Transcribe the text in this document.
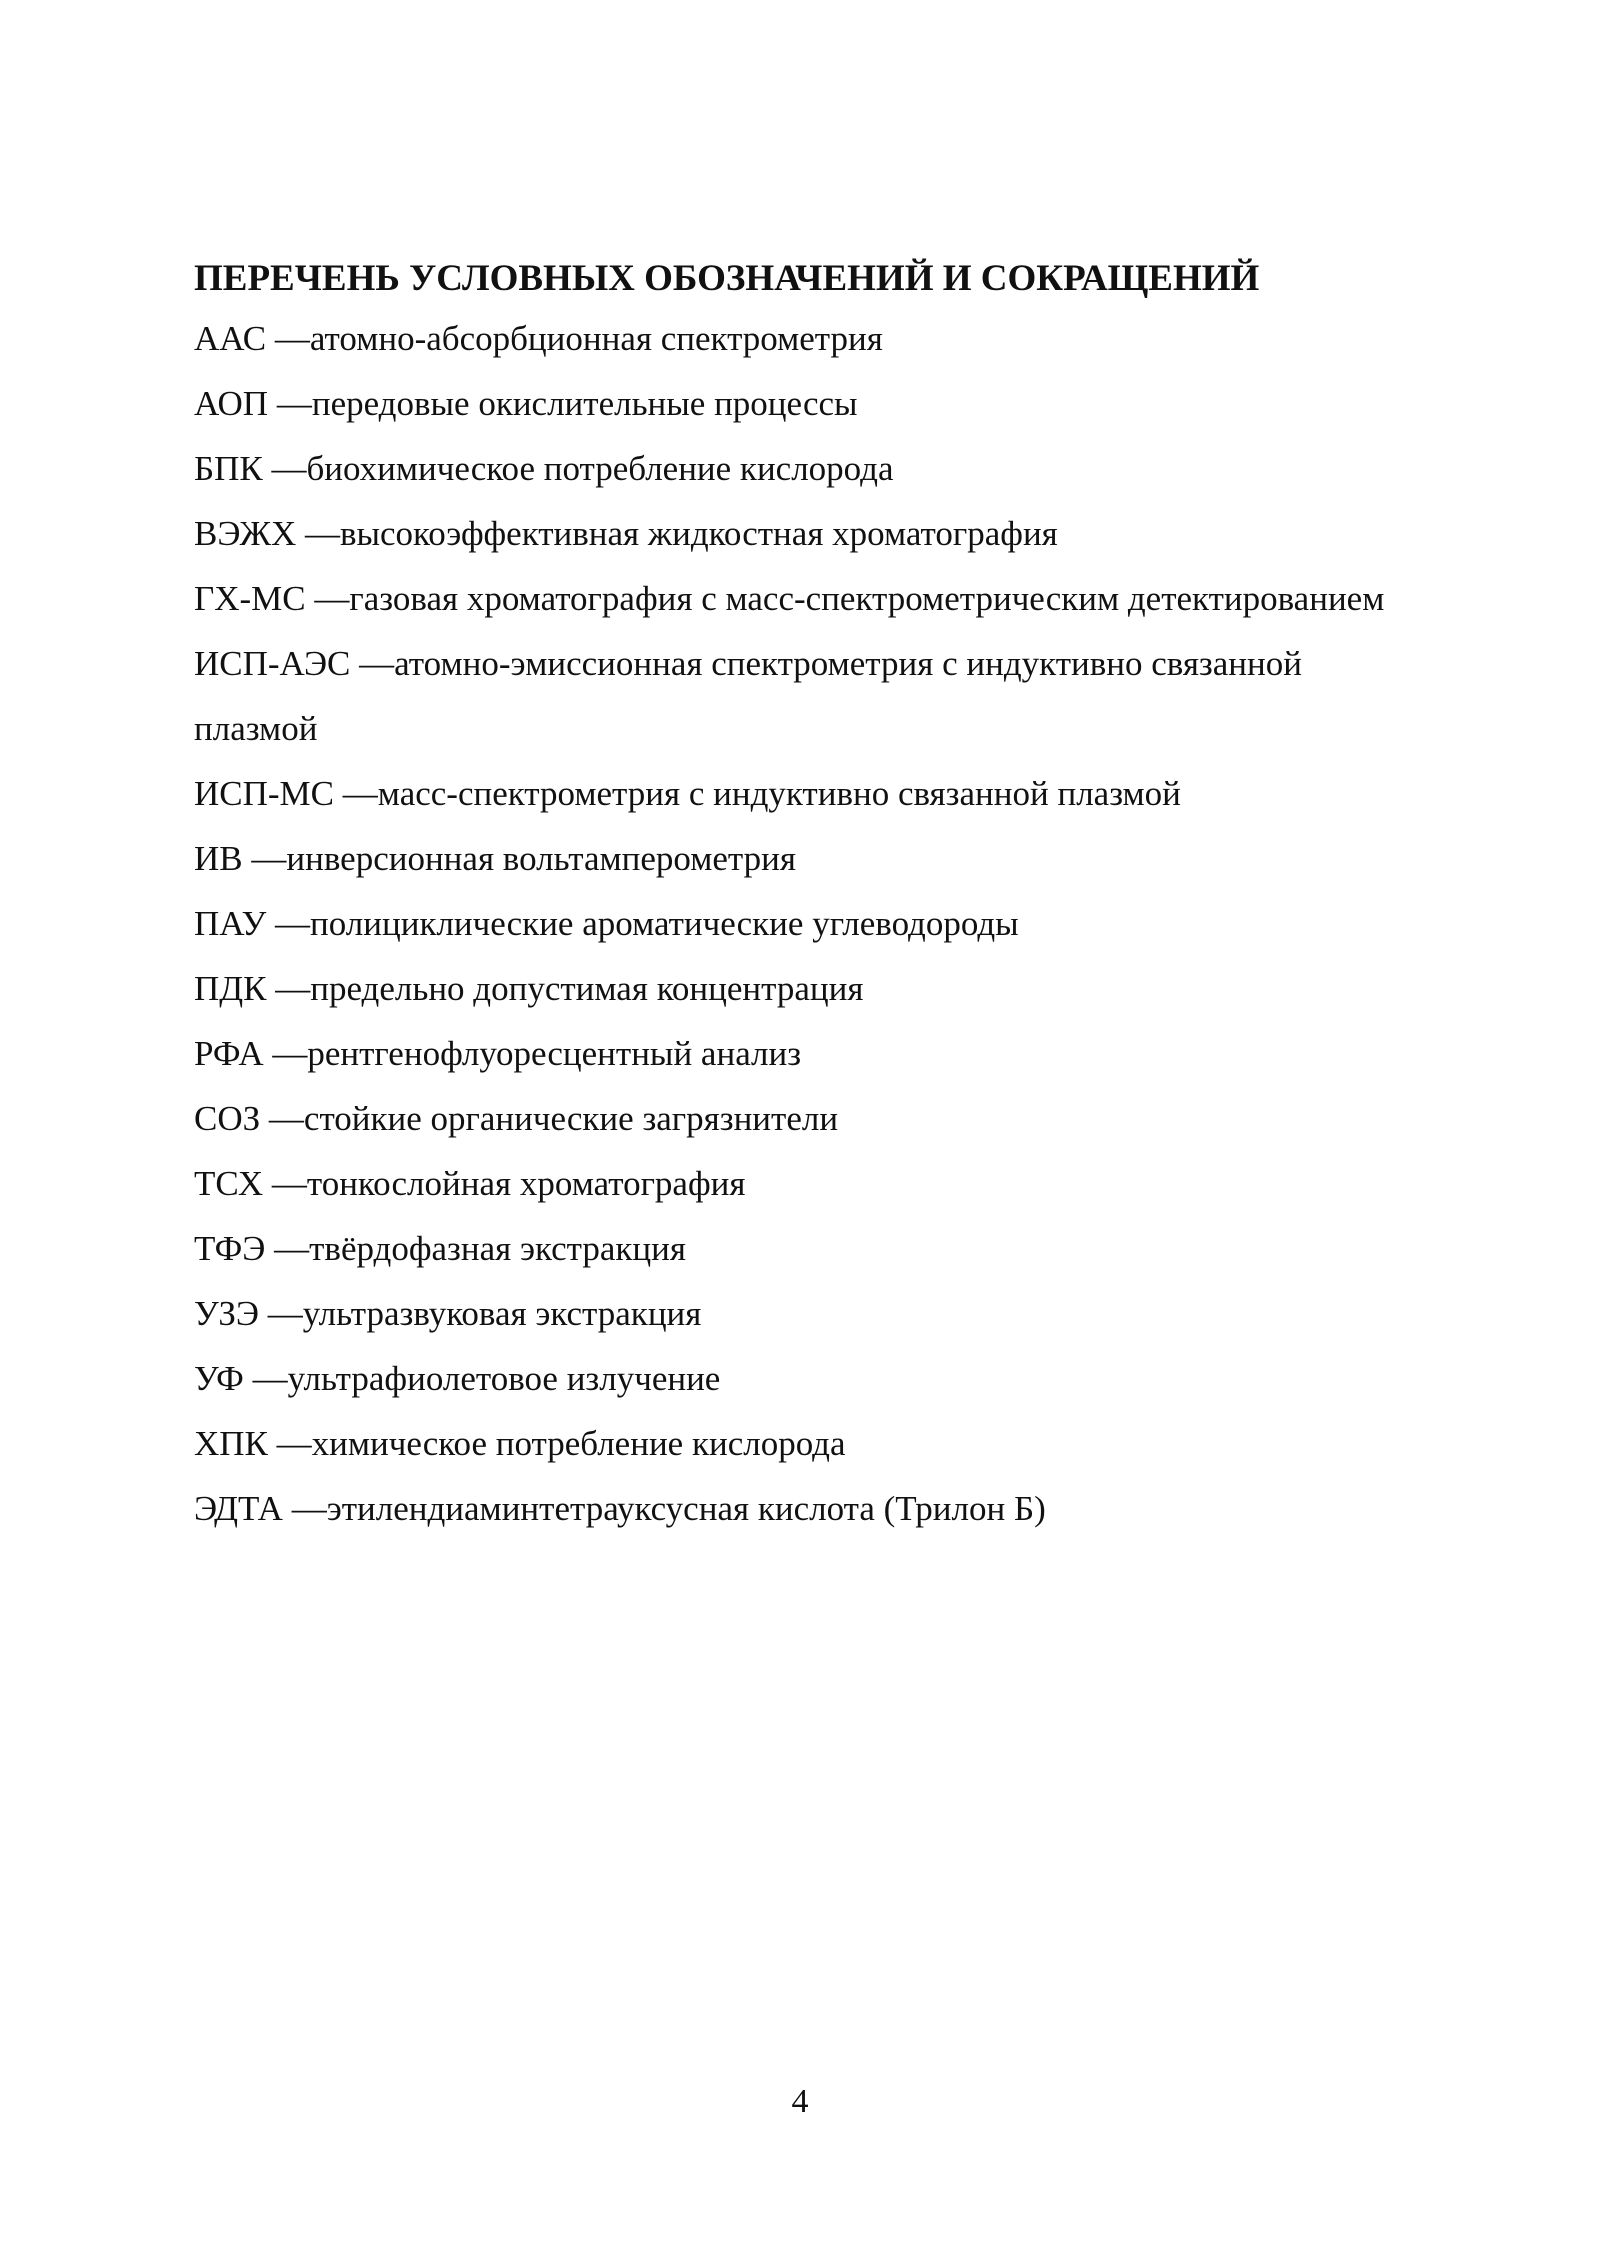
ПЕРЕЧЕНЬ УСЛОВНЫХ ОБОЗНАЧЕНИЙ И СОКРАЩЕНИЙ
ААС — атомно-абсорбционная спектрометрия
АОП — передовые окислительные процессы
БПК — биохимическое потребление кислорода
ВЭЖХ — высокоэффективная жидкостная хроматография
ГХ-МС — газовая хроматография с масс-спектрометрическим детектированием
ИСП-АЭС — атомно-эмиссионная спектрометрия с индуктивно связанной плазмой
ИСП-МС — масс-спектрометрия с индуктивно связанной плазмой
ИВ — инверсионная вольтамперометрия
ПАУ — полициклические ароматические углеводороды
ПДК — предельно допустимая концентрация
РФА — рентгенофлуоресцентный анализ
СОЗ — стойкие органические загрязнители
ТСХ — тонкослойная хроматография
ТФЭ — твёрдофазная экстракция
УЗЭ — ультразвуковая экстракция
УФ — ультрафиолетовое излучение
ХПК — химическое потребление кислорода
ЭДТА — этилендиаминтетрауксусная кислота (Трилон Б)
4
